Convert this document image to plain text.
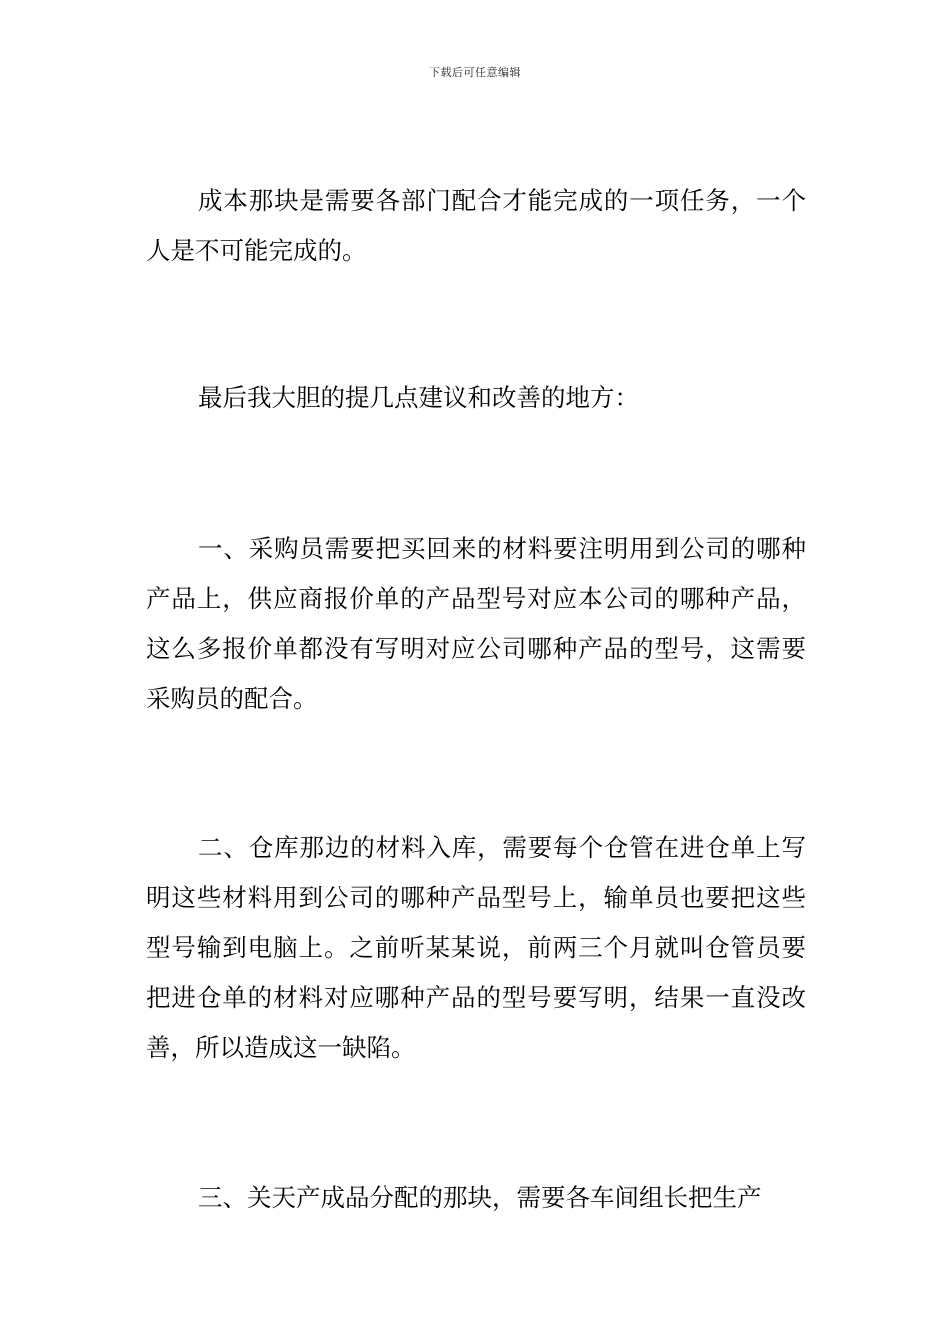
下载后可任意编辑

成本那块是需要各部门配合才能完成的一项任务，一个人是不可能完成的。

最后我大胆的提几点建议和改善的地方：

一、采购员需要把买回来的材料要注明用到公司的哪种产品上，供应商报价单的产品型号对应本公司的哪种产品，这么多报价单都没有写明对应公司哪种产品的型号，这需要采购员的配合。

二、仓库那边的材料入库，需要每个仓管在进仓单上写明这些材料用到公司的哪种产品型号上，输单员也要把这些型号输到电脑上。之前听某某说，前两三个月就叫仓管员要把进仓单的材料对应哪种产品的型号要写明，结果一直没改善，所以造成这一缺陷。

三、关天产成品分配的那块，需要各车间组长把生产
